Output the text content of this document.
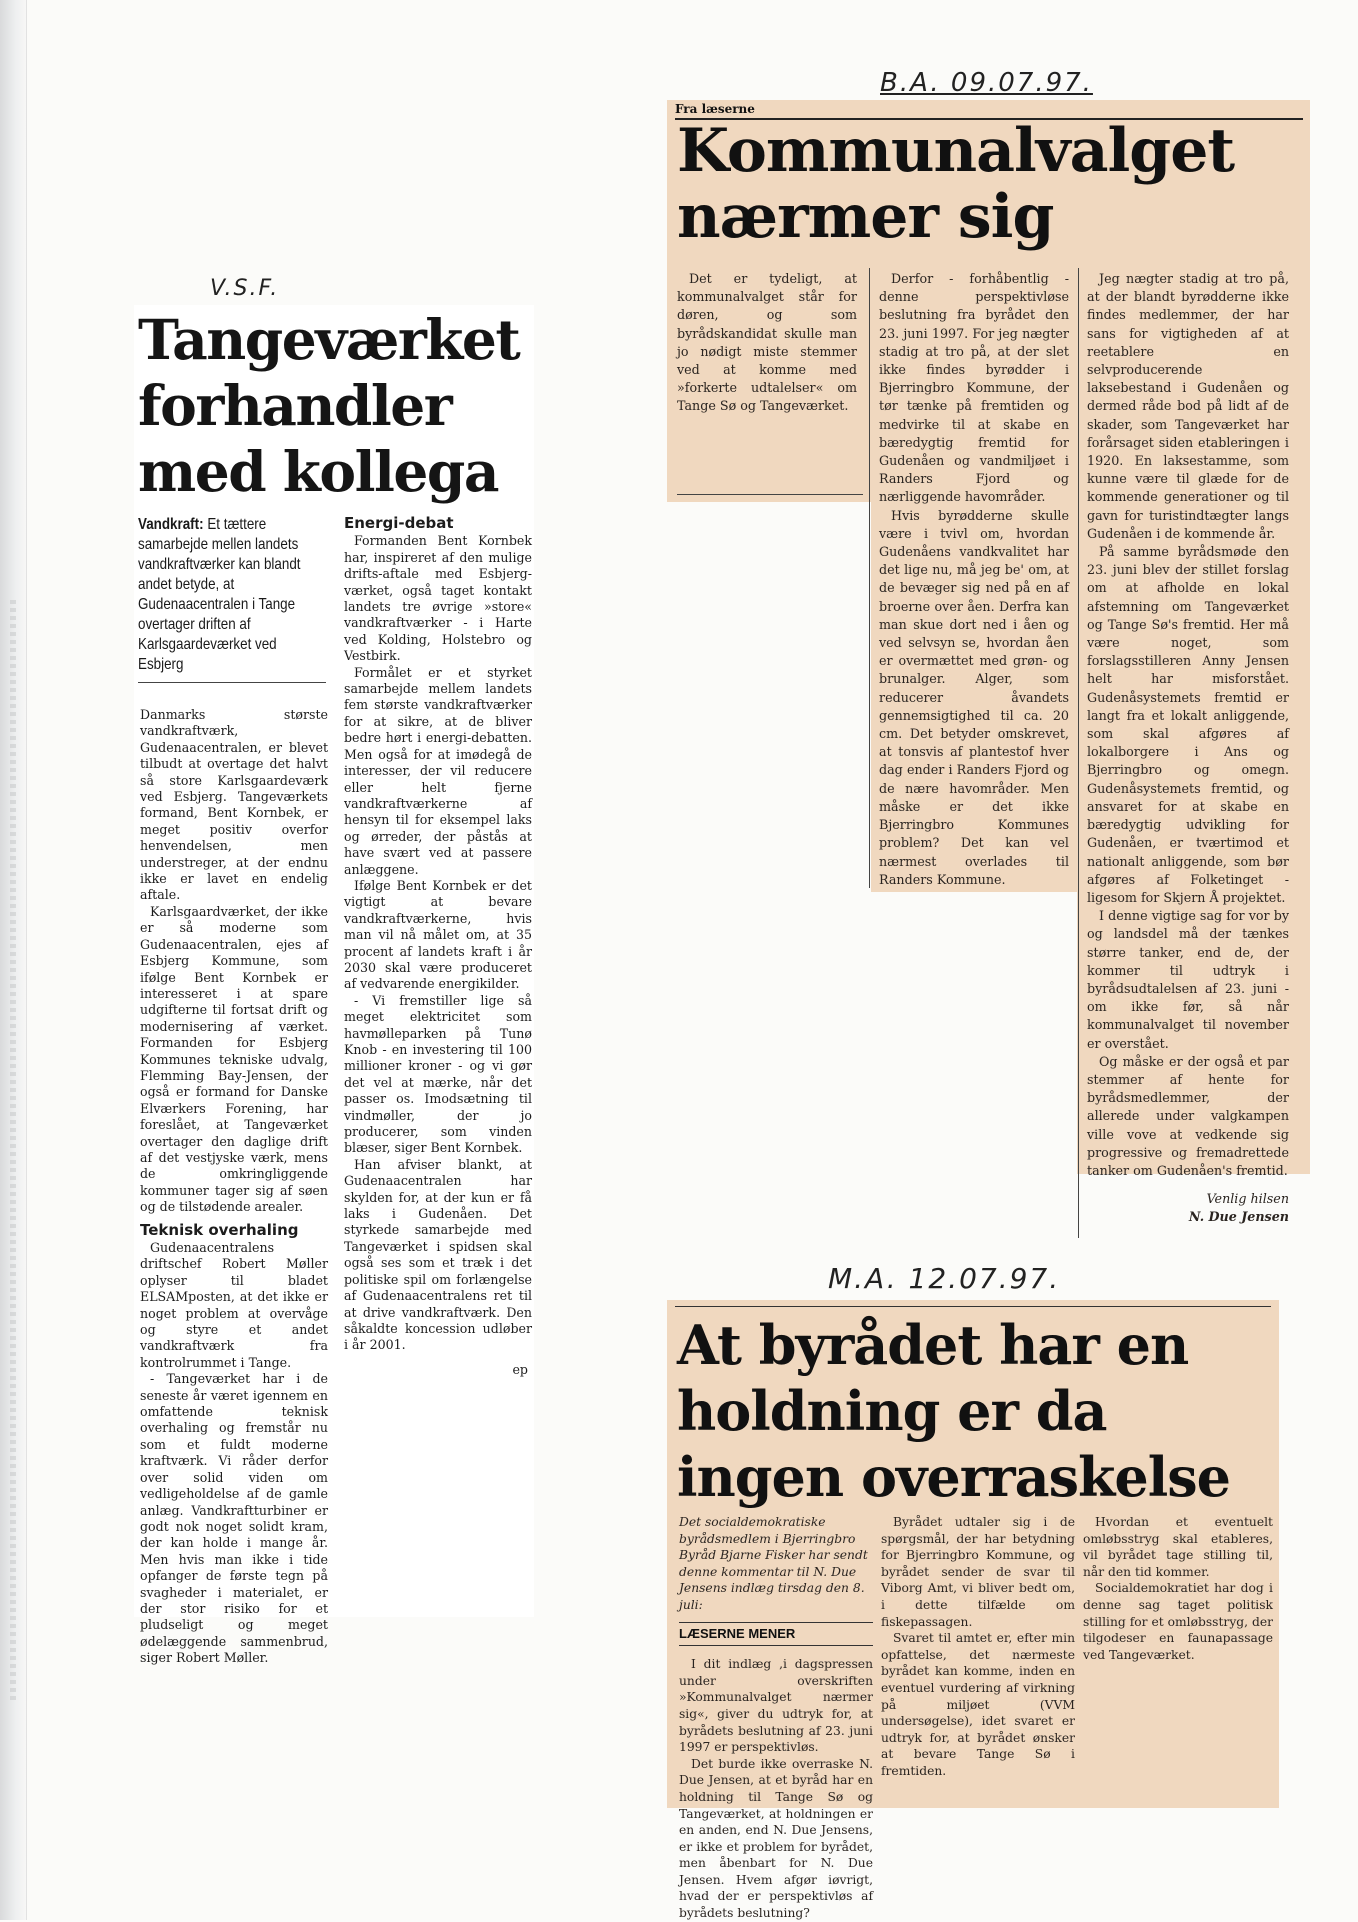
V.S.F.
B.A. 09.07.97.
M.A. 12.07.97.
Tangeværket forhandler med kollega
Vandkraft: Et tættere samarbejde mellen landets vandkraftværker kan blandt andet betyde, at Gudenaacentralen i Tange overtager driften af Karlsgaardeværket ved Esbjerg

Danmarks største vandkraftværk, Gudenaacentralen, er blevet tilbudt at overtage det halvt så store Karlsgaardeværk ved Esbjerg. Tangeværkets formand, Bent Kornbek, er meget positiv overfor henvendelsen, men understreger, at der endnu ikke er lavet en endelig aftale.

Karlsgaardværket, der ikke er så moderne som Gudenaacentralen, ejes af Esbjerg Kommune, som ifølge Bent Kornbek er interesseret i at spare udgifterne til fortsat drift og modernisering af værket. Formanden for Esbjerg Kommunes tekniske udvalg, Flemming Bay-Jensen, der også er formand for Danske Elværkers Forening, har foreslået, at Tangeværket overtager den daglige drift af det vestjyske værk, mens de omkringliggende kommuner tager sig af søen og de tilstødende arealer.

Teknisk overhaling

Gudenaacentralens driftschef Robert Møller oplyser til bladet ELSAMposten, at det ikke er noget problem at overvåge og styre et andet vandkraftværk fra kontrolrummet i Tange.

- Tangeværket har i de seneste år været igennem en omfattende teknisk overhaling og fremstår nu som et fuldt moderne kraftværk. Vi råder derfor over solid viden om vedligeholdelse af de gamle anlæg. Vandkraftturbiner er godt nok noget solidt kram, der kan holde i mange år. Men hvis man ikke i tide opfanger de første tegn på svagheder i materialet, er der stor risiko for et pludseligt og meget ødelæggende sammenbrud, siger Robert Møller.

Energi-debat

Formanden Bent Kornbek har, inspireret af den mulige drifts-aftale med Esbjerg-værket, også taget kontakt landets tre øvrige »store« vandkraftværker - i Harte ved Kolding, Holstebro og Vestbirk.

Formålet er et styrket samarbejde mellem landets fem største vandkraftværker for at sikre, at de bliver bedre hørt i energi-debatten. Men også for at imødegå de interesser, der vil reducere eller helt fjerne vandkraftværkerne af hensyn til for eksempel laks og ørreder, der påstås at have svært ved at passere anlæggene.

Ifølge Bent Kornbek er det vigtigt at bevare vandkraftværkerne, hvis man vil nå målet om, at 35 procent af landets kraft i år 2030 skal være produceret af vedvarende energikilder.

- Vi fremstiller lige så meget elektricitet som havmølleparken på Tunø Knob - en investering til 100 millioner kroner - og vi gør det vel at mærke, når det passer os. Imodsætning til vindmøller, der jo producerer, som vinden blæser, siger Bent Kornbek.

Han afviser blankt, at Gudenaacentralen har skylden for, at der kun er få laks i Gudenåen. Det styrkede samarbejde med Tangeværket i spidsen skal også ses som et træk i det politiske spil om forlængelse af Gudenaacentralens ret til at drive vandkraftværk. Den såkaldte koncession udløber i år 2001.

ep

Fra læserne
Kommunalvalget nærmer sig

Det er tydeligt, at kommunalvalget står for døren, og som byrådskandidat skulle man jo nødigt miste stemmer ved at komme med »forkerte udtalelser« om Tange Sø og Tangeværket.

Derfor - forhåbentlig - denne perspektivløse beslutning fra byrådet den 23. juni 1997. For jeg nægter stadig at tro på, at der slet ikke findes byrødder i Bjerringbro Kommune, der tør tænke på fremtiden og medvirke til at skabe en bæredygtig fremtid for Gudenåen og vandmiljøet i Randers Fjord og nærliggende havområder.

Hvis byrødderne skulle være i tvivl om, hvordan Gudenåens vandkvalitet har det lige nu, må jeg be' om, at de bevæger sig ned på en af broerne over åen. Derfra kan man skue dort ned i åen og ved selvsyn se, hvordan åen er overmættet med grøn- og brunalger. Alger, som reducerer åvandets gennemsigtighed til ca. 20 cm. Det betyder omskrevet, at tonsvis af plantestof hver dag ender i Randers Fjord og de nære havområder. Men måske er det ikke Bjerringbro Kommunes problem? Det kan vel nærmest overlades til Randers Kommune.

Jeg nægter stadig at tro på, at der blandt byrødderne ikke findes medlemmer, der har sans for vigtigheden af at reetablere en selvproducerende laksebestand i Gudenåen og dermed råde bod på lidt af de skader, som Tangeværket har forårsaget siden etableringen i 1920. En laksestamme, som kunne være til glæde for de kommende generationer og til gavn for turistindtægter langs Gudenåen i de kommende år.

På samme byrådsmøde den 23. juni blev der stillet forslag om at afholde en lokal afstemning om Tangeværket og Tange Sø's fremtid. Her må være noget, som forslagsstilleren Anny Jensen helt har misforstået. Gudenåsystemets fremtid er langt fra et lokalt anliggende, som skal afgøres af lokalborgere i Ans og Bjerringbro og omegn. Gudenåsystemets fremtid, og ansvaret for at skabe en bæredygtig udvikling for Gudenåen, er tværtimod et nationalt anliggende, som bør afgøres af Folketinget - ligesom for Skjern Å projektet.

I denne vigtige sag for vor by og landsdel må der tænkes større tanker, end de, der kommer til udtryk i byrådsudtalelsen af 23. juni - om ikke før, så når kommunalvalget til november er overstået.

Og måske er der også et par stemmer af hente for byrådsmedlemmer, der allerede under valgkampen ville vove at vedkende sig progressive og fremadrettede tanker om Gudenåen's fremtid.

Venlig hilsen

N. Due Jensen

At byrådet har en holdning er da ingen overraskelse

Det socialdemokratiske byrådsmedlem i Bjerringbro Byråd Bjarne Fisker har sendt denne kommentar til N. Due Jensens indlæg tirsdag den 8. juli:

LÆSERNE MENER

I dit indlæg ,i dagspressen under overskriften »Kommunalvalget nærmer sig«, giver du udtryk for, at byrådets beslutning af 23. juni 1997 er perspektivløs.

Det burde ikke overraske N. Due Jensen, at et byråd har en holdning til Tange Sø og Tangeværket, at holdningen er en anden, end N. Due Jensens, er ikke et problem for byrådet, men åbenbart for N. Due Jensen. Hvem afgør iøvrigt, hvad der er perspektivløs af byrådets beslutning?

Byrådet udtaler sig i de spørgsmål, der har betydning for Bjerringbro Kommune, og byrådet sender de svar til Viborg Amt, vi bliver bedt om, i dette tilfælde om fiskepassagen.

Svaret til amtet er, efter min opfattelse, det nærmeste byrådet kan komme, inden en eventuel vurdering af virkning på miljøet (VVM undersøgelse), idet svaret er udtryk for, at byrådet ønsker at bevare Tange Sø i fremtiden.

Hvordan et eventuelt omløbsstryg skal etableres, vil byrådet tage stilling til, når den tid kommer.

Socialdemokratiet har dog i denne sag taget politisk stilling for et omløbsstryg, der tilgodeser en faunapassage ved Tangeværket.
